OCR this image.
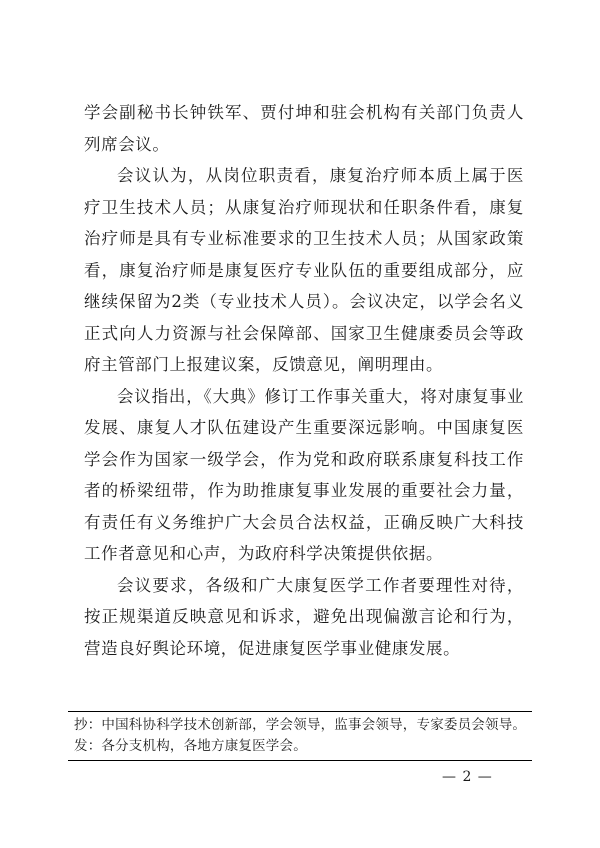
学会副秘书长钟铁军、贾付坤和驻会机构有关部门负责人列席会议。

会议认为，从岗位职责看，康复治疗师本质上属于医疗卫生技术人员；从康复治疗师现状和任职条件看，康复治疗师是具有专业标准要求的卫生技术人员；从国家政策看，康复治疗师是康复医疗专业队伍的重要组成部分，应继续保留为2类（专业技术人员）。会议决定，以学会名义正式向人力资源与社会保障部、国家卫生健康委员会等政府主管部门上报建议案，反馈意见，阐明理由。

会议指出，《大典》修订工作事关重大，将对康复事业发展、康复人才队伍建设产生重要深远影响。中国康复医学会作为国家一级学会，作为党和政府联系康复科技工作者的桥梁纽带，作为助推康复事业发展的重要社会力量，有责任有义务维护广大会员合法权益，正确反映广大科技工作者意见和心声，为政府科学决策提供依据。

会议要求，各级和广大康复医学工作者要理性对待，按正规渠道反映意见和诉求，避免出现偏激言论和行为，营造良好舆论环境，促进康复医学事业健康发展。

抄：中国科协科学技术创新部，学会领导，监事会领导，专家委员会领导。
发：各分支机构，各地方康复医学会。
— 2 —
